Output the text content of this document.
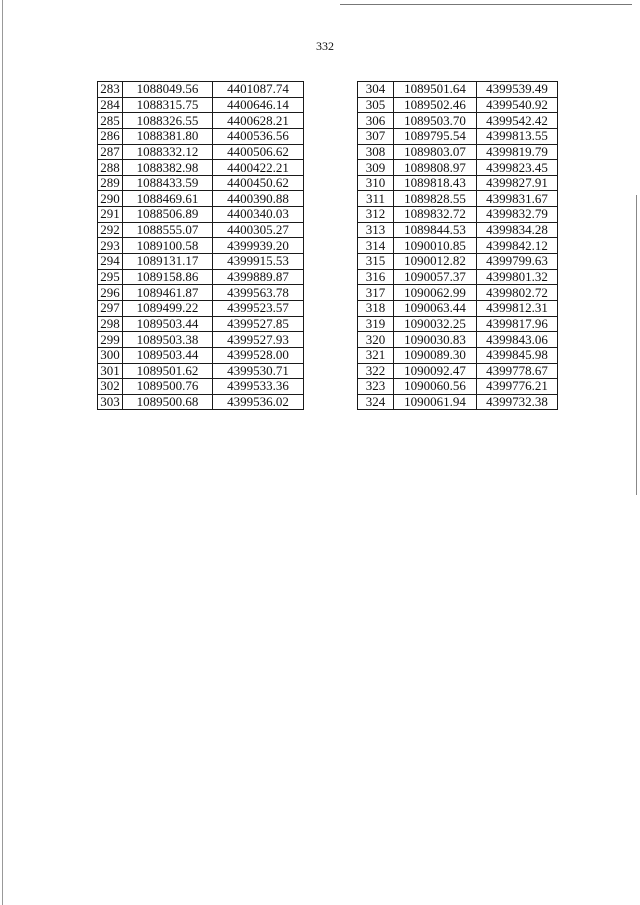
332
283	1088049.56	4401087.74
284	1088315.75	4400646.14
285	1088326.55	4400628.21
286	1088381.80	4400536.56
287	1088332.12	4400506.62
288	1088382.98	4400422.21
289	1088433.59	4400450.62
290	1088469.61	4400390.88
291	1088506.89	4400340.03
292	1088555.07	4400305.27
293	1089100.58	4399939.20
294	1089131.17	4399915.53
295	1089158.86	4399889.87
296	1089461.87	4399563.78
297	1089499.22	4399523.57
298	1089503.44	4399527.85
299	1089503.38	4399527.93
300	1089503.44	4399528.00
301	1089501.62	4399530.71
302	1089500.76	4399533.36
303	1089500.68	4399536.02
304	1089501.64	4399539.49
305	1089502.46	4399540.92
306	1089503.70	4399542.42
307	1089795.54	4399813.55
308	1089803.07	4399819.79
309	1089808.97	4399823.45
310	1089818.43	4399827.91
311	1089828.55	4399831.67
312	1089832.72	4399832.79
313	1089844.53	4399834.28
314	1090010.85	4399842.12
315	1090012.82	4399799.63
316	1090057.37	4399801.32
317	1090062.99	4399802.72
318	1090063.44	4399812.31
319	1090032.25	4399817.96
320	1090030.83	4399843.06
321	1090089.30	4399845.98
322	1090092.47	4399778.67
323	1090060.56	4399776.21
324	1090061.94	4399732.38
